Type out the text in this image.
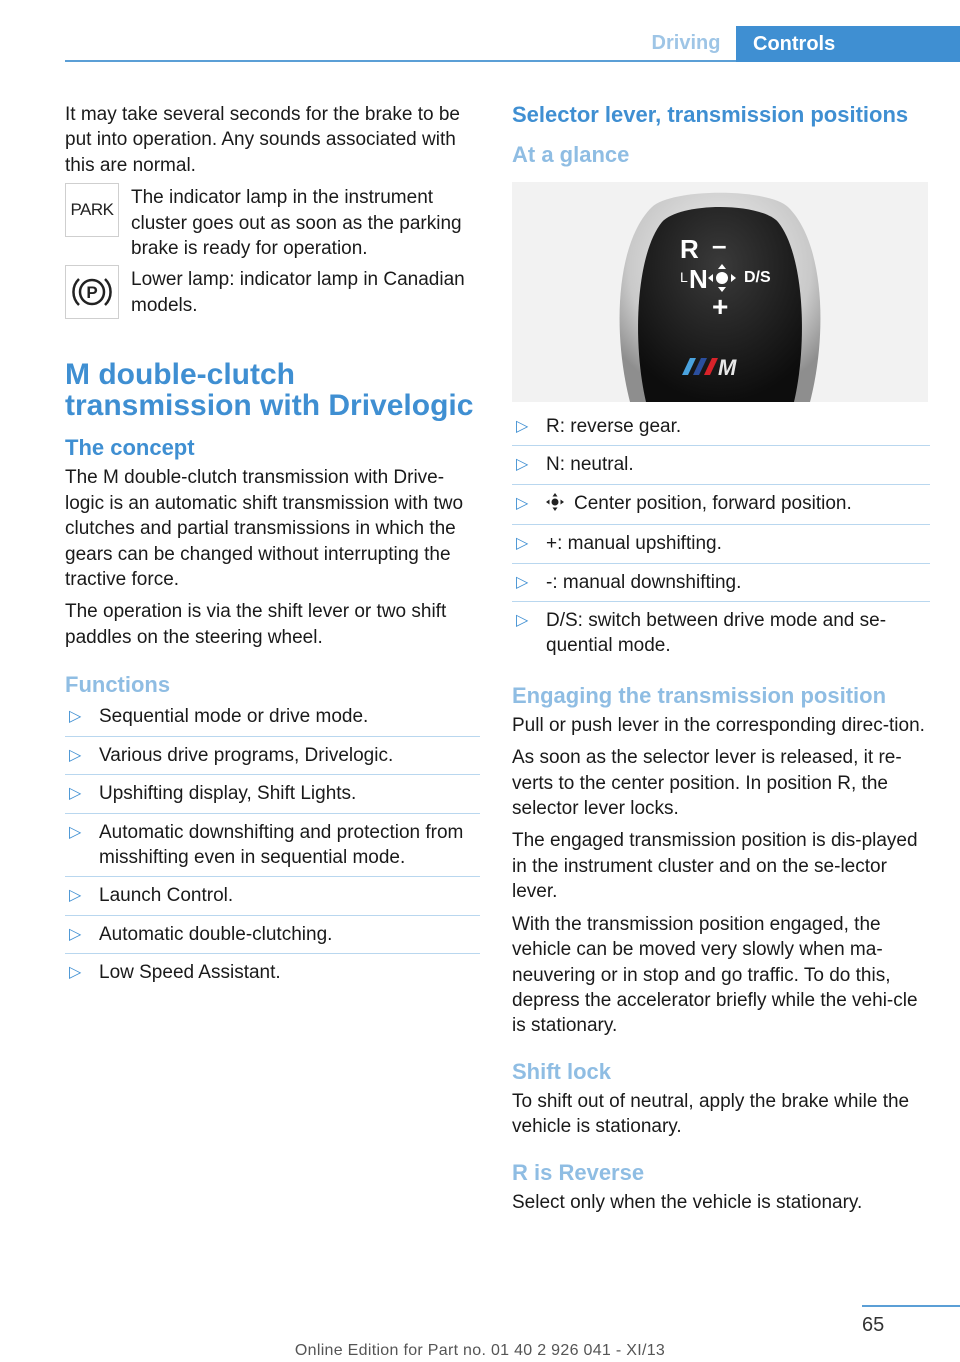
Driving	Controls

It may take several seconds for the brake to be put into operation. Any sounds associated with this are normal.

PARK
The indicator lamp in the instrument cluster goes out as soon as the parking brake is ready for operation.
P
Lower lamp: indicator lamp in Canadian models.
M double-clutch transmission with Drivelogic
The concept

The M double-clutch transmission with Drive-logic is an automatic shift transmission with two clutches and partial transmissions in which the gears can be changed without interrupting the tractive force.

The operation is via the shift lever or two shift paddles on the steering wheel.

Functions
▷ Sequential mode or drive mode.
▷ Various drive programs, Drivelogic.
▷ Upshifting display, Shift Lights.
▷ Automatic downshifting and protection from misshifting even in sequential mode.
▷ Launch Control.
▷ Automatic double-clutching.
▷ Low Speed Assistant.
Selector lever, transmission positions
At a glance
R –
L N D/S
+
M
▷ R: reverse gear.
▷ N: neutral.
▷ Center position, forward position.
▷ +: manual upshifting.
▷ -: manual downshifting.
▷ D/S: switch between drive mode and se-quential mode.
Engaging the transmission position

Pull or push lever in the corresponding direc-tion.

As soon as the selector lever is released, it re-verts to the center position. In position R, the selector lever locks.

The engaged transmission position is dis-played in the instrument cluster and on the se-lector lever.

With the transmission position engaged, the vehicle can be moved very slowly when ma-neuvering or in stop and go traffic. To do this, depress the accelerator briefly while the vehi-cle is stationary.

Shift lock

To shift out of neutral, apply the brake while the vehicle is stationary.

R is Reverse

Select only when the vehicle is stationary.

65
Online Edition for Part no. 01 40 2 926 041 - XI/13
